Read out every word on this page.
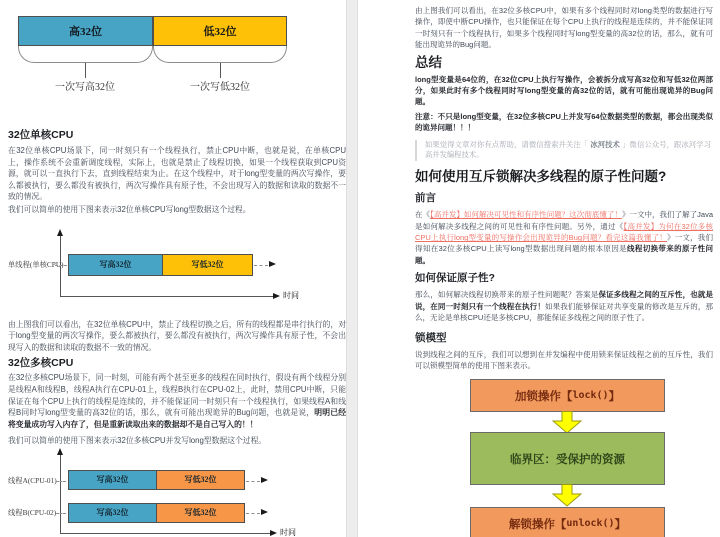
高32位	低32位
一次写高32位	一次写低32位
32位单核CPU

在32位单核CPU场景下，同一时刻只有一个线程执行，禁止CPU中断，也就是说，在单核CPU上，操作系统不会重新调度线程，实际上，也就是禁止了线程切换，如果一个线程获取到CPU资源，就可以一直执行下去，直到线程结束为止。在这个线程中，对于long型变量的两次写操作，要么都被执行，要么都没有被执行，两次写操作具有原子性，不会出现写入的数据和读取的数据不一致的情况。

我们可以简单的使用下图来表示32位单核CPU写long型数据这个过程。

单线程(单核CPU)	写高32位	写低32位
时间

由上图我们可以看出，在32位单核CPU中，禁止了线程切换之后，所有的线程都是串行执行的，对于long型变量的两次写操作，要么都被执行，要么都没有被执行，两次写操作具有原子性，不会出现写入的数据和读取的数据不一致的情况。

32位多核CPU

在32位多核CPU场景下，同一时刻，可能有两个甚至更多的线程在同时执行，假设有两个线程分别是线程A和线程B，线程A执行在CPU-01上，线程B执行在CPU-02上，此时，禁用CPU中断，只能保证在每个CPU上执行的线程是连续的，并不能保证同一时刻只有一个线程执行，如果线程A和线程B同时写long型变量的高32位的话，那么，就有可能出现诡异的Bug问题，也就是说，明明已经将变量成功写入内存了，但是重新读取出来的数据却不是自己写入的！！

我们可以简单的使用下图来表示32位多核CPU并发写long型数据这个过程。

线程A(CPU-01)	写高32位	写低32位
线程B(CPU-02)	写高32位	写低32位
时间

由上图我们可以看出，在32位多核CPU中，如果有多个线程同时对long类型的数据进行写操作，即使中断CPU操作，也只能保证在每个CPU上执行的线程是连续的，并不能保证同一时刻只有一个线程执行，如果多个线程同时写long型变量的高32位的话，那么，就有可能出现诡异的Bug问题。

总结

long型变量是64位的，在32位CPU上执行写操作，会被拆分成写高32位和写低32位两部分，如果此时有多个线程同时写long型变量的高32位的话，就有可能出现诡异的Bug问题。

注意：不只是long型变量，在32位多核CPU上并发写64位数据类型的数据，都会出现类似的诡异问题！！！

如果觉得文章对你有点帮助，请微信搜索并关注「 冰河技术 」微信公众号，跟冰河学习高并发编程技术。
如何使用互斥锁解决多线程的原子性问题?
前言

在《【高并发】如何解决可见性和有序性问题？这次彻底懂了！》一文中，我们了解了Java是如何解决多线程之间的可见性和有序性问题。另外，通过《【高并发】为何在32位多核CPU上执行long型变量的写操作会出现诡异的Bug问题？看完这篇我懂了！》一文，我们得知在32位多核CPU上读写long型数据出现问题的根本原因是线程切换带来的原子性问题。

如何保证原子性?

那么，如何解决线程切换带来的原子性问题呢？答案是保证多线程之间的互斥性，也就是说，在同一时刻只有一个线程在执行！如果我们能够保证对共享变量的修改是互斥的，那么，无论是单核CPU还是多核CPU，都能保证多线程之间的原子性了。

锁模型

说到线程之间的互斥，我们可以想到在并发编程中使用锁来保证线程之前的互斥性，我们可以锁模型简单的使用下图来表示。

加锁操作【 lock() 】
临界区：受保护的资源
解锁操作【 unlock() 】
